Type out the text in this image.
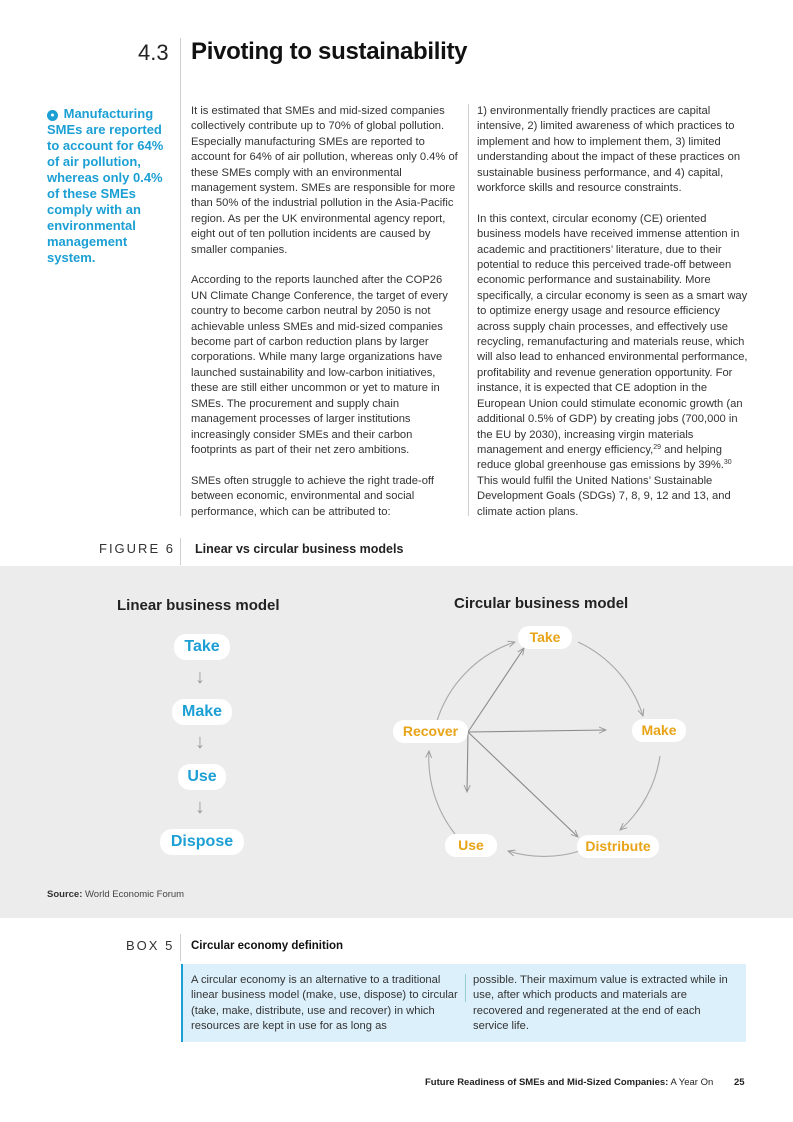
4.3 Pivoting to sustainability
● Manufacturing SMEs are reported to account for 64% of air pollution, whereas only 0.4% of these SMEs comply with an environmental management system.

It is estimated that SMEs and mid-sized companies collectively contribute up to 70% of global pollution. Especially manufacturing SMEs are reported to account for 64% of air pollution, whereas only 0.4% of these SMEs comply with an environmental management system. SMEs are responsible for more than 50% of the industrial pollution in the Asia-Pacific region. As per the UK environmental agency report, eight out of ten pollution incidents are caused by smaller companies.

According to the reports launched after the COP26 UN Climate Change Conference, the target of every country to become carbon neutral by 2050 is not achievable unless SMEs and mid-sized companies become part of carbon reduction plans by larger corporations. While many large organizations have launched sustainability and low-carbon initiatives, these are still either uncommon or yet to mature in SMEs. The procurement and supply chain management processes of larger institutions increasingly consider SMEs and their carbon footprints as part of their net zero ambitions.

SMEs often struggle to achieve the right trade-off between economic, environmental and social performance, which can be attributed to:

1) environmentally friendly practices are capital intensive, 2) limited awareness of which practices to implement and how to implement them, 3) limited understanding about the impact of these practices on sustainable business performance, and 4) capital, workforce skills and resource constraints.

In this context, circular economy (CE) oriented business models have received immense attention in academic and practitioners’ literature, due to their potential to reduce this perceived trade-off between economic performance and sustainability. More specifically, a circular economy is seen as a smart way to optimize energy usage and resource efficiency across supply chain processes, and effectively use recycling, remanufacturing and materials reuse, which will also lead to enhanced environmental performance, profitability and revenue generation opportunity. For instance, it is expected that CE adoption in the European Union could stimulate economic growth (an additional 0.5% of GDP) by creating jobs (700,000 in the EU by 2030), increasing virgin materials management and energy efficiency,$^{29}$ and helping reduce global greenhouse gas emissions by 39%.$^{30}$ This would fulfil the United Nations’ Sustainable Development Goals (SDGs) 7, 8, 9, 12 and 13, and climate action plans.

FIGURE 6 Linear vs circular business models
Linear business model
Take
↓
Make
↓
Use
↓
Dispose
Circular business model
Take
Make
Distribute
Use
Recover
Source: World Economic Forum
BOX 5 Circular economy definition
A circular economy is an alternative to a traditional linear business model (make, use, dispose) to circular (take, make, distribute, use and recover) in which resources are kept in use for as long as
possible. Their maximum value is extracted while in use, after which products and materials are recovered and regenerated at the end of each service life.
Future Readiness of SMEs and Mid-Sized Companies: A Year On 25
